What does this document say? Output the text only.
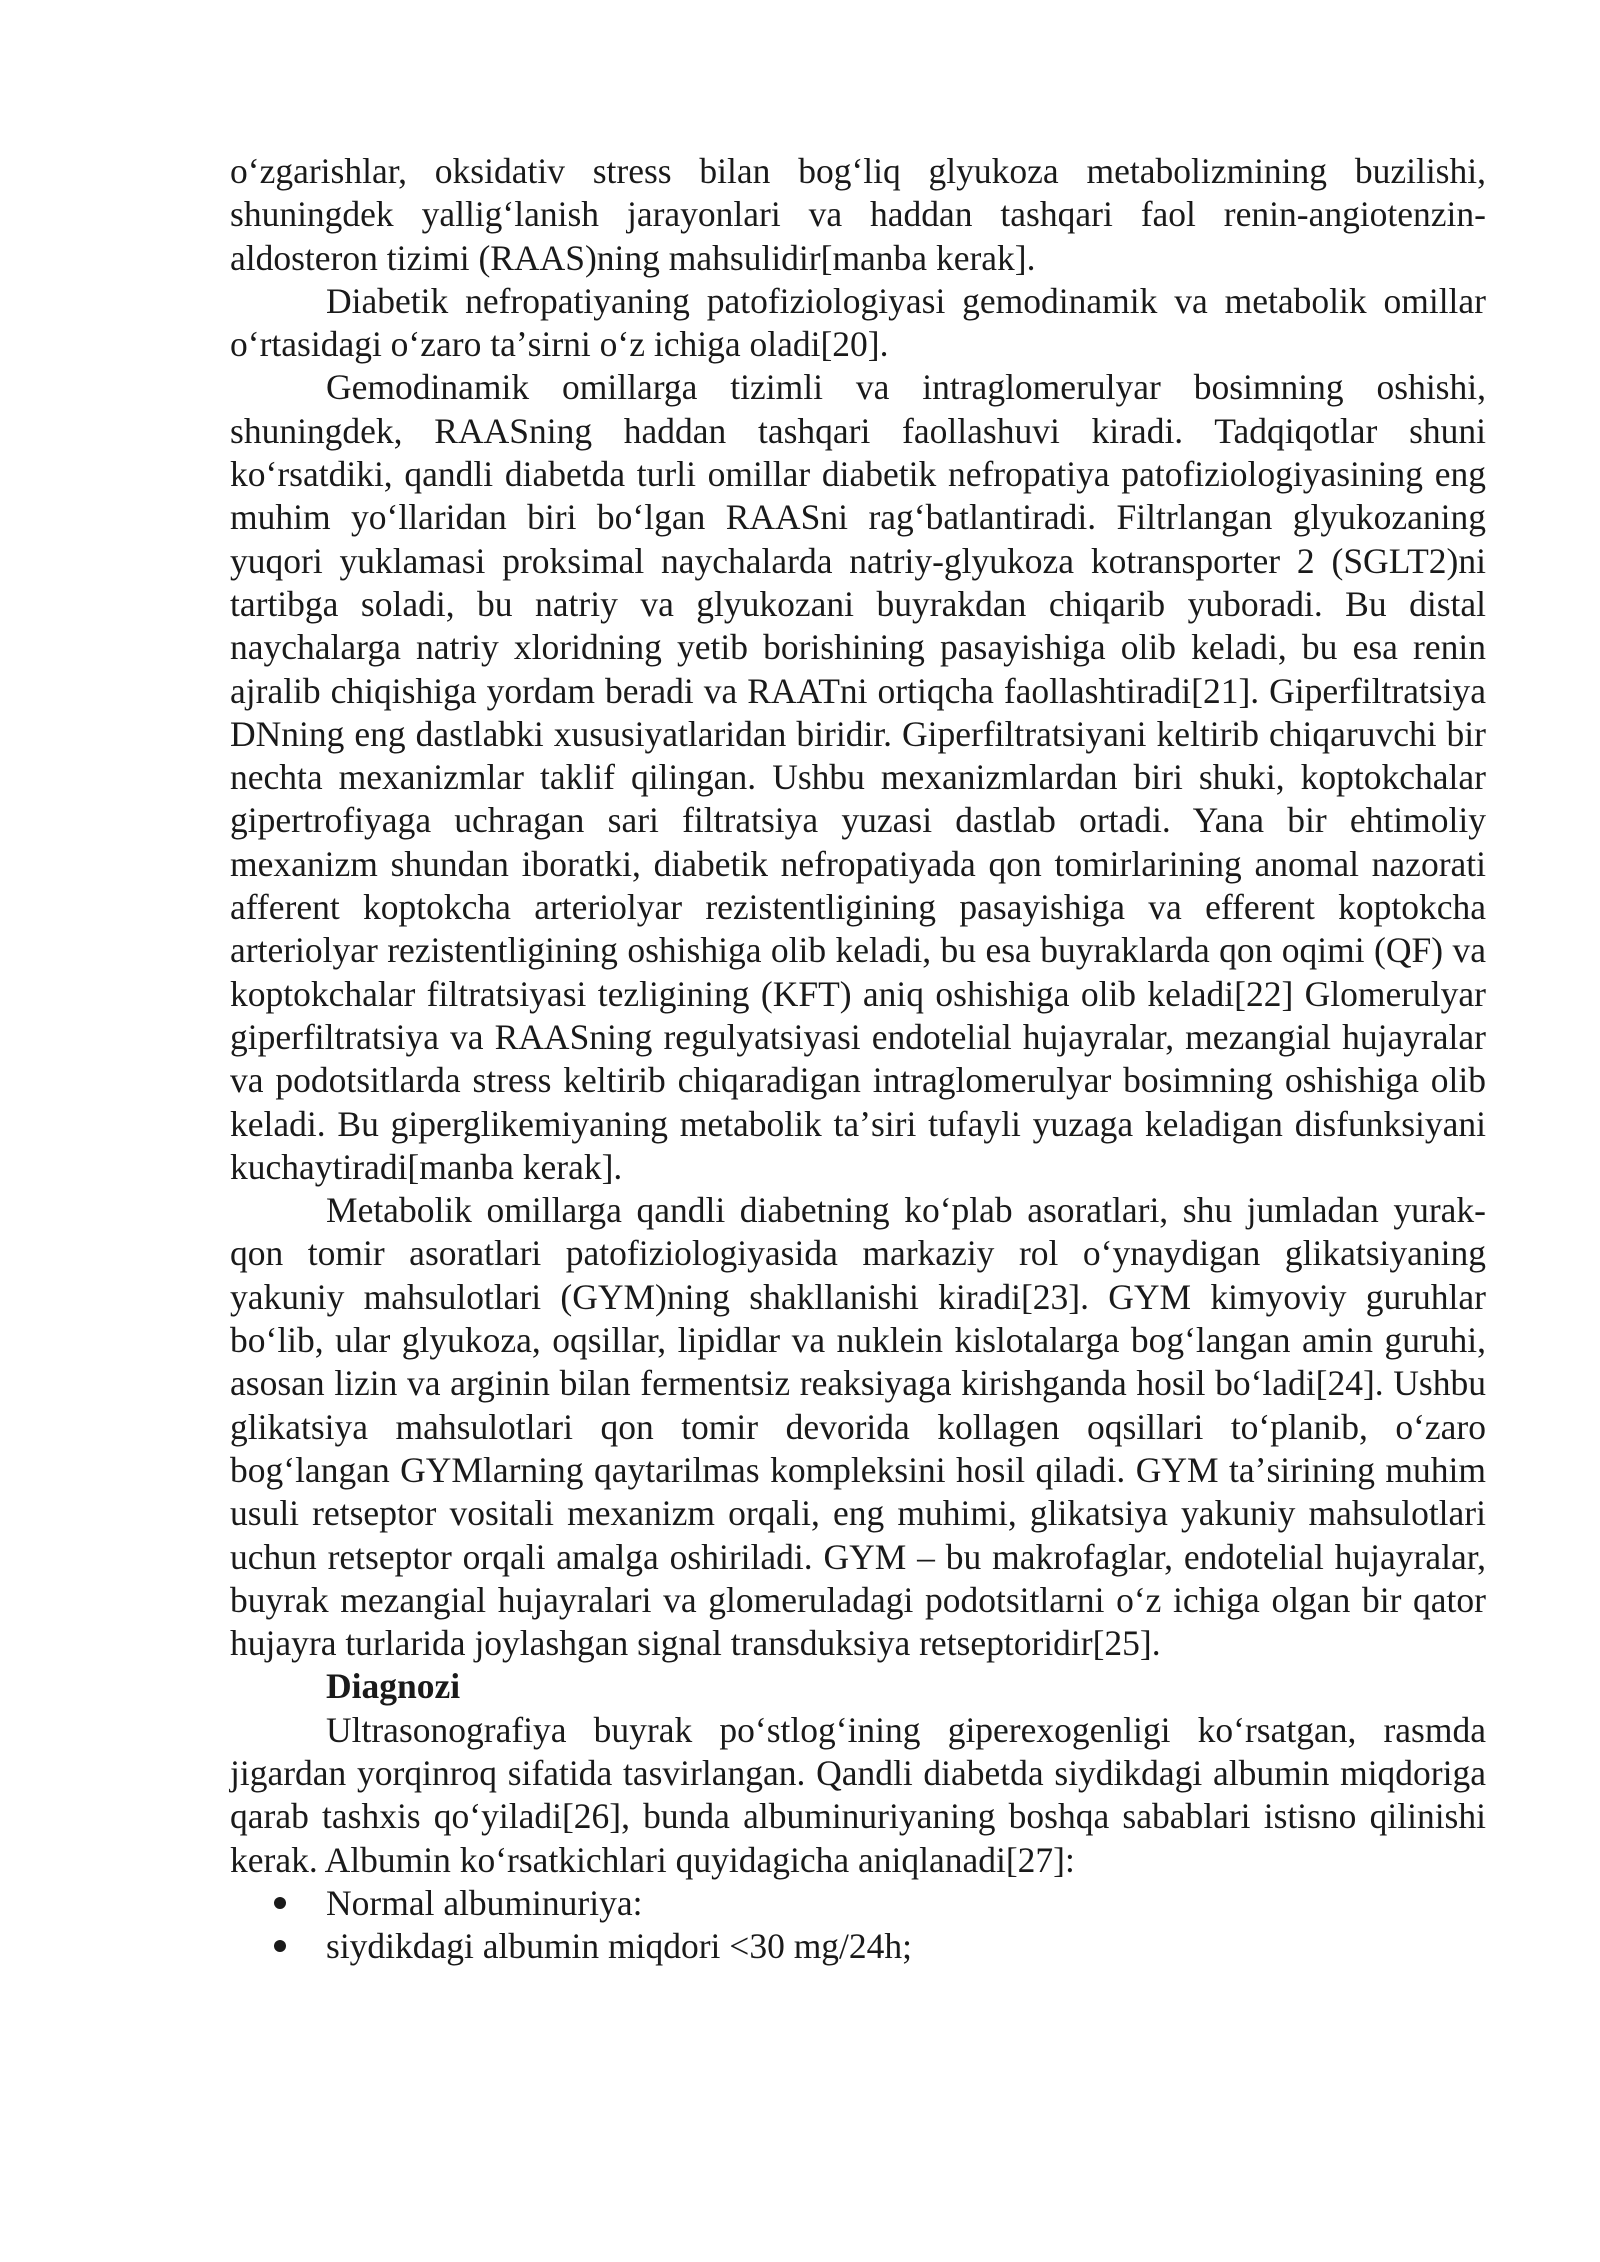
oʻzgarishlar, oksidativ stress bilan bogʻliq glyukoza metabolizmining buzilishi, shuningdek yalligʻlanish jarayonlari va haddan tashqari faol renin-angiotenzin-aldosteron tizimi (RAAS)ning mahsulidir[manba kerak].

Diabetik nefropatiyaning patofiziologiyasi gemodinamik va metabolik omillar oʻrtasidagi oʻzaro taʼsirni oʻz ichiga oladi[20].

Gemodinamik omillarga tizimli va intraglomerulyar bosimning oshishi, shuningdek, RAASning haddan tashqari faollashuvi kiradi. Tadqiqotlar shuni koʻrsatdiki, qandli diabetda turli omillar diabetik nefropatiya patofiziologiyasining eng muhim yoʻllaridan biri boʻlgan RAASni ragʻbatlantiradi. Filtrlangan glyukozaning yuqori yuklamasi proksimal naychalarda natriy-glyukoza kotransporter 2 (SGLT2)ni tartibga soladi, bu natriy va glyukozani buyrakdan chiqarib yuboradi. Bu distal naychalarga natriy xloridning yetib borishining pasayishiga olib keladi, bu esa renin ajralib chiqishiga yordam beradi va RAATni ortiqcha faollashtiradi[21]. Giperfiltratsiya DNning eng dastlabki xususiyatlaridan biridir. Giperfiltratsiyani keltirib chiqaruvchi bir nechta mexanizmlar taklif qilingan. Ushbu mexanizmlardan biri shuki, koptokchalar gipertrofiyaga uchragan sari filtratsiya yuzasi dastlab ortadi. Yana bir ehtimoliy mexanizm shundan iboratki, diabetik nefropatiyada qon tomirlarining anomal nazorati afferent koptokcha arteriolyar rezistentligining pasayishiga va efferent koptokcha arteriolyar rezistentligining oshishiga olib keladi, bu esa buyraklarda qon oqimi (QF) va koptokchalar filtratsiyasi tezligining (KFT) aniq oshishiga olib keladi[22] Glomerulyar giperfiltratsiya va RAASning regulyatsiyasi endotelial hujayralar, mezangial hujayralar va podotsitlarda stress keltirib chiqaradigan intraglomerulyar bosimning oshishiga olib keladi. Bu giperglikemiyaning metabolik taʼsiri tufayli yuzaga keladigan disfunksiyani kuchaytiradi[manba kerak].

Metabolik omillarga qandli diabetning koʻplab asoratlari, shu jumladan yurak-qon tomir asoratlari patofiziologiyasida markaziy rol oʻynaydigan glikatsiyaning yakuniy mahsulotlari (GYM)ning shakllanishi kiradi[23]. GYM kimyoviy guruhlar boʻlib, ular glyukoza, oqsillar, lipidlar va nuklein kislotalarga bogʻlangan amin guruhi, asosan lizin va arginin bilan fermentsiz reaksiyaga kirishganda hosil boʻladi[24]. Ushbu glikatsiya mahsulotlari qon tomir devorida kollagen oqsillari toʻplanib, oʻzaro bogʻlangan GYMlarning qaytarilmas kompleksini hosil qiladi. GYM taʼsirining muhim usuli retseptor vositali mexanizm orqali, eng muhimi, glikatsiya yakuniy mahsulotlari uchun retseptor orqali amalga oshiriladi. GYM – bu makrofaglar, endotelial hujayralar, buyrak mezangial hujayralari va glomeruladagi podotsitlarni oʻz ichiga olgan bir qator hujayra turlarida joylashgan signal transduksiya retseptoridir[25].

Diagnozi

Ultrasonografiya buyrak poʻstlogʻining giperexogenligi koʻrsatgan, rasmda jigardan yorqinroq sifatida tasvirlangan. Qandli diabetda siydikdagi albumin miqdoriga qarab tashxis qoʻyiladi[26], bunda albuminuriyaning boshqa sabablari istisno qilinishi kerak. Albumin koʻrsatkichlari quyidagicha aniqlanadi[27]:

Normal albuminuriya:
siydikdagi albumin miqdori <30 mg/24h;
